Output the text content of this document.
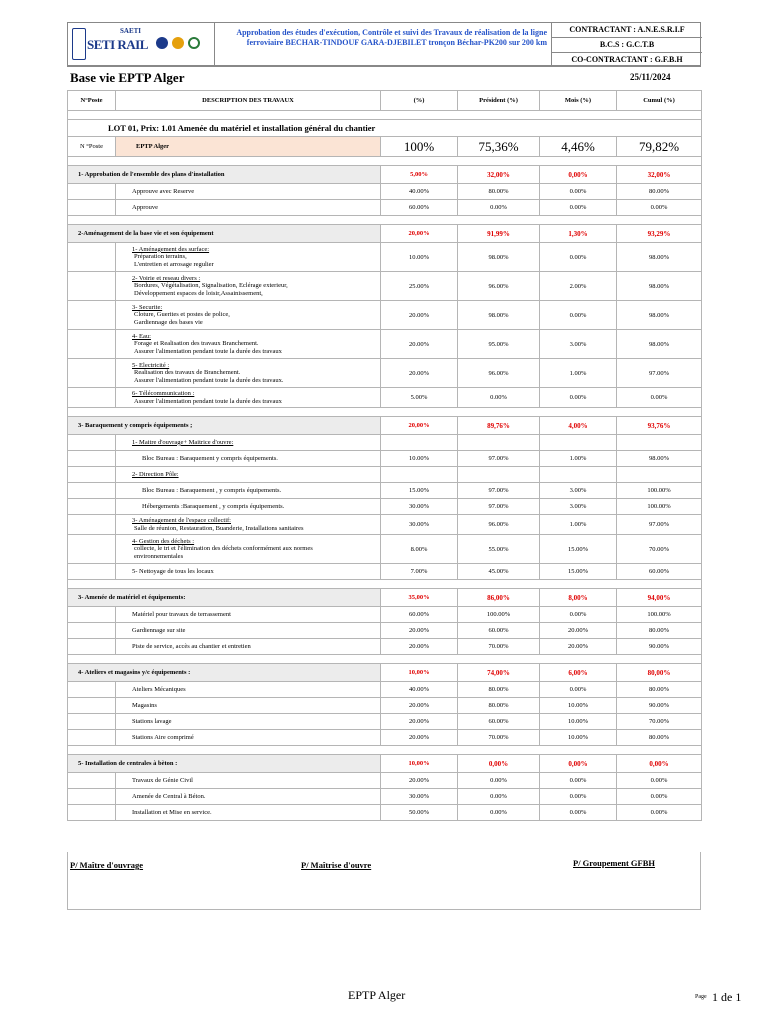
SETI RAIL
SAETI	Approbation des études d'exécution, Contrôle et suivi des Travaux de réalisation de la ligne ferroviaire BECHAR-TINDOUF GARA-DJEBILET tronçon Béchar-PK200 sur 200 km
CONTRACTANT : A.N.E.S.R.I.F
B.C.S : G.C.T.B
CO-CONTRACTANT : G.F.B.H
Base vie EPTP Alger	25/11/2024
N°Poste	DESCRIPTION DES TRAVAUX	(%)	Président (%)	Mois (%)	Cumul (%)

LOT 01, Prix: 1.01 Amenée du matériel et installation général du chantier					
N °Poste	EPTP Alger	100%	75,36%	4,46%	79,82%

1- Approbation de l'ensemble des plans d'installation		5,00%	32,00%	0,00%	32,00%

	Approuve avec Reserve	40.00%	80.00%	0.00%	80.00%

	Approuve	60.00%	0.00%	0.00%	0.00%

2-Aménagement de la base vie et son équipement		20,00%	91,99%	1,30%	93,29%

	1- Aménagement des surface:
Préparation terrains,
L'entretien et arrosage regulier	10.00%	98.00%	0.00%	98.00%

	2- Voirie et reseau divers :
Bordures, Végétalisation, Signalisation, Eclérage exterieur,
Développement espaces de loisir,Assainissement,	25.00%	96.00%	2.00%	98.00%

	3- Securite:
Cloture, Guerites et postes de police,
Gardiennage des bases vie	20.00%	98.00%	0.00%	98.00%

	4- Eau:
Forage et Realisation des travaux Branchement.
Assurer l'alimentation pendant toute la durée des travaux	20.00%	95.00%	3.00%	98.00%

	5- Electricité :
Realisation des travaux de Branchement.
Assurer l'alimentation pendant toute la durée des travaux.	20.00%	96.00%	1.00%	97.00%

	6- Télécommunication :
Assurer l'alimentation pendant toute la durée des travaux	5.00%	0.00%	0.00%	0.00%

3- Baraquement y compris équipements ;		20,00%	89,76%	4,00%	93,76%

	1- Maitre d'ouvrage+ Maitrice d'ouvre:				

	Bloc Bureau : Baraquement y compris équipements.	10.00%	97.00%	1.00%	98.00%

	2- Direction Pôle:				

	Bloc Bureau : Baraquement , y compris équipements.	15.00%	97.00%	3.00%	100.00%

	Hébergements :Baraquement , y compris équipements.	30.00%	97.00%	3.00%	100.00%

	3- Aménagement de l'espace collectif:
Salle de réunion, Restauration, Buanderie, Installations sanitaires	30.00%	96.00%	1.00%	97.00%

	4- Gestion des déchets :
collecte, le tri et l'élimination des déchets conformément aux normes
environnementales	8.00%	55.00%	15.00%	70.00%

	5- Nettoyage de tous les locaux	7.00%	45.00%	15.00%	60.00%

3- Amenée de matériel et équipements:		35,00%	86,00%	8,00%	94,00%

	Matériel pour travaux de terrassement	60.00%	100.00%	0.00%	100.00%

	Gardiennage sur site	20.00%	60.00%	20.00%	80.00%

	Piste de service, accès au chantier et entretien	20.00%	70.00%	20.00%	90.00%

4- Ateliers et magasins y/c équipements :		10,00%	74,00%	6,00%	80,00%

	Ateliers Mécaniques	40.00%	80.00%	0.00%	80.00%

	Magasins	20.00%	80.00%	10.00%	90.00%

	Stations lavage	20.00%	60.00%	10.00%	70.00%

	Stations Aire comprimé	20.00%	70.00%	10.00%	80.00%

5- Installation de centrales à bèton :		10,00%	0,00%	0,00%	0,00%

	Travaux de Génie Civil	20.00%	0.00%	0.00%	0.00%

	Amenée de Central à Béton.	30.00%	0.00%	0.00%	0.00%

	Installation et Mise en service.	50.00%	0.00%	0.00%	0.00%
P/ Maître d'ouvrage	P/ Maîtrise d'ouvre	P/ Groupement GFBH
EPTP Alger	Page 1 de 1
